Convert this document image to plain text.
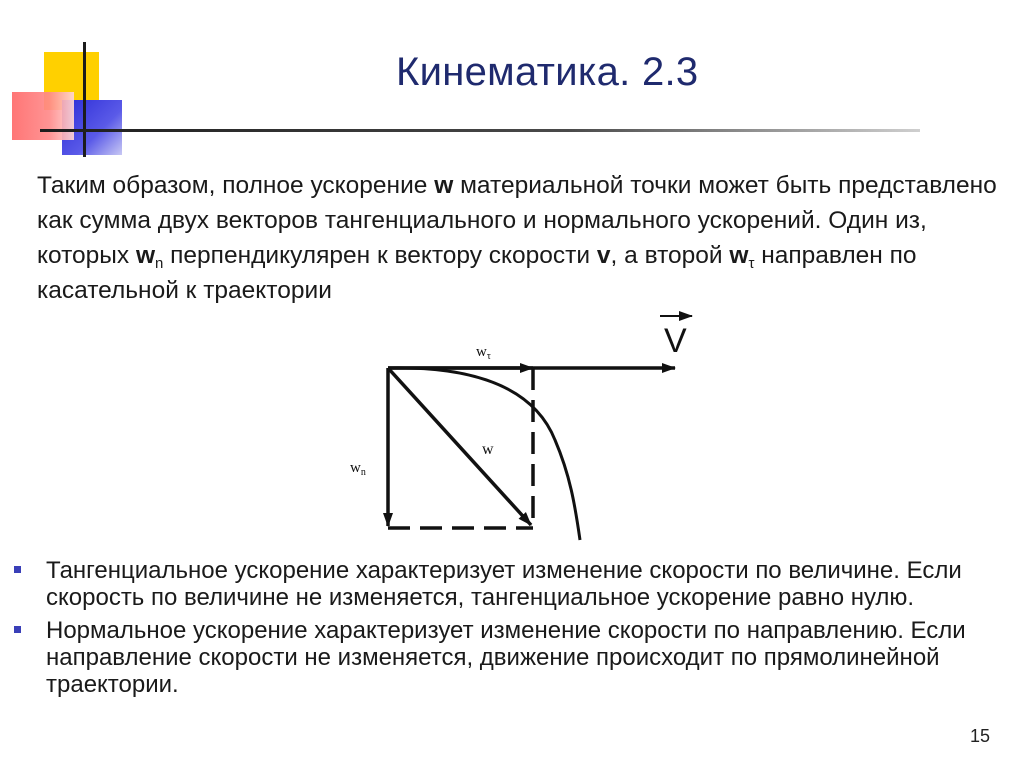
Кинематика. 2.3
Таким образом, полное ускорение w материальной точки может быть представлено как сумма двух векторов тангенциального и нормального ускорений. Один из, которых $w_n$ перпендикулярен к вектору скорости v, а второй $w_\tau$ направлен по касательной к траектории
$w_\tau$
w
$w_n$
V
Тангенциальное ускорение характеризует изменение скорости по величине. Если скорость по величине не изменяется, тангенциальное ускорение равно нулю.
Нормальное ускорение характеризует изменение скорости по направлению. Если направление скорости не изменяется, движение происходит по прямолинейной траектории.
15
